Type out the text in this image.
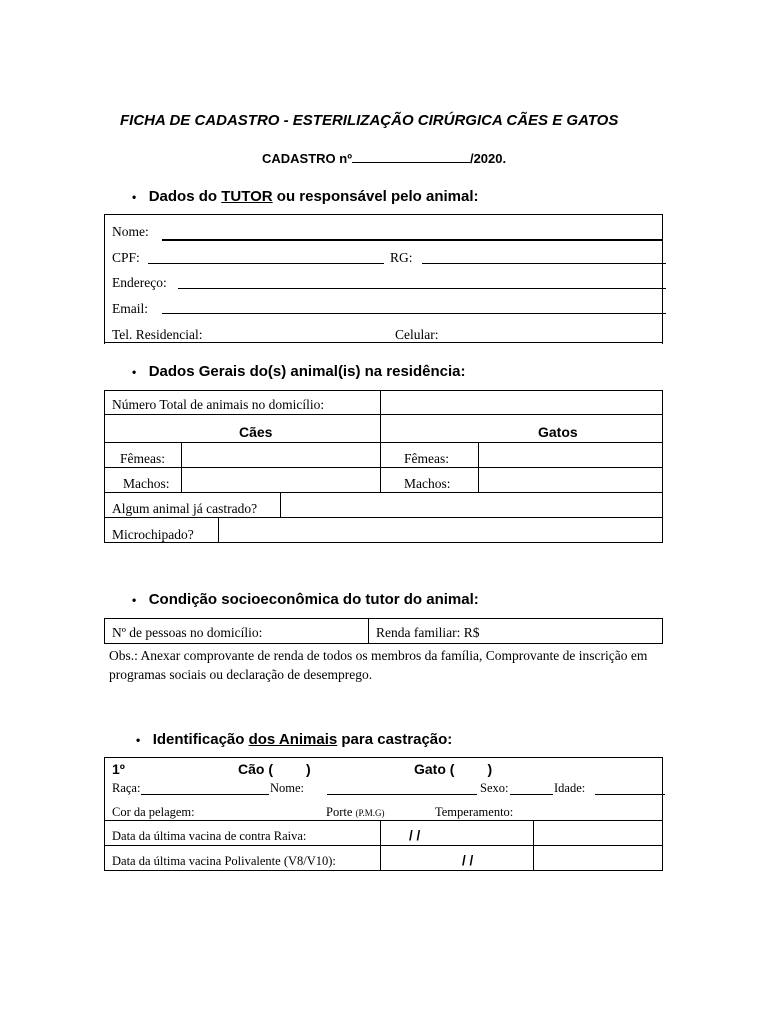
FICHA DE CADASTRO - ESTERILIZAÇÃO CIRÚRGICA CÃES E GATOS
CADASTRO nº	/2020.
• Dados do TUTOR ou responsável pelo animal:
Nome:
CPF:	RG:
Endereço:
Email:
Tel. Residencial:	Celular:
• Dados Gerais do(s) animal(is) na residência:
Número Total de animais no domicílio:
Cães	Gatos
Fêmeas:	Fêmeas:
Machos:	Machos:
Algum animal já castrado?
Microchipado?
• Condição socioeconômica do tutor do animal:
Nº de pessoas no domicílio:	Renda familiar: R$
Obs.: Anexar comprovante de renda de todos os membros da família, Comprovante de inscrição em
programas sociais ou declaração de desemprego.
• Identificação dos Animais para castração:
1º	Cão ( )	Gato ( )
Raça:	Nome:	Sexo:	Idade:
Cor da pelagem:	Porte (P.M.G)	Temperamento:
Data da última vacina de contra Raiva:	/ /
Data da última vacina Polivalente (V8/V10):	/ /
